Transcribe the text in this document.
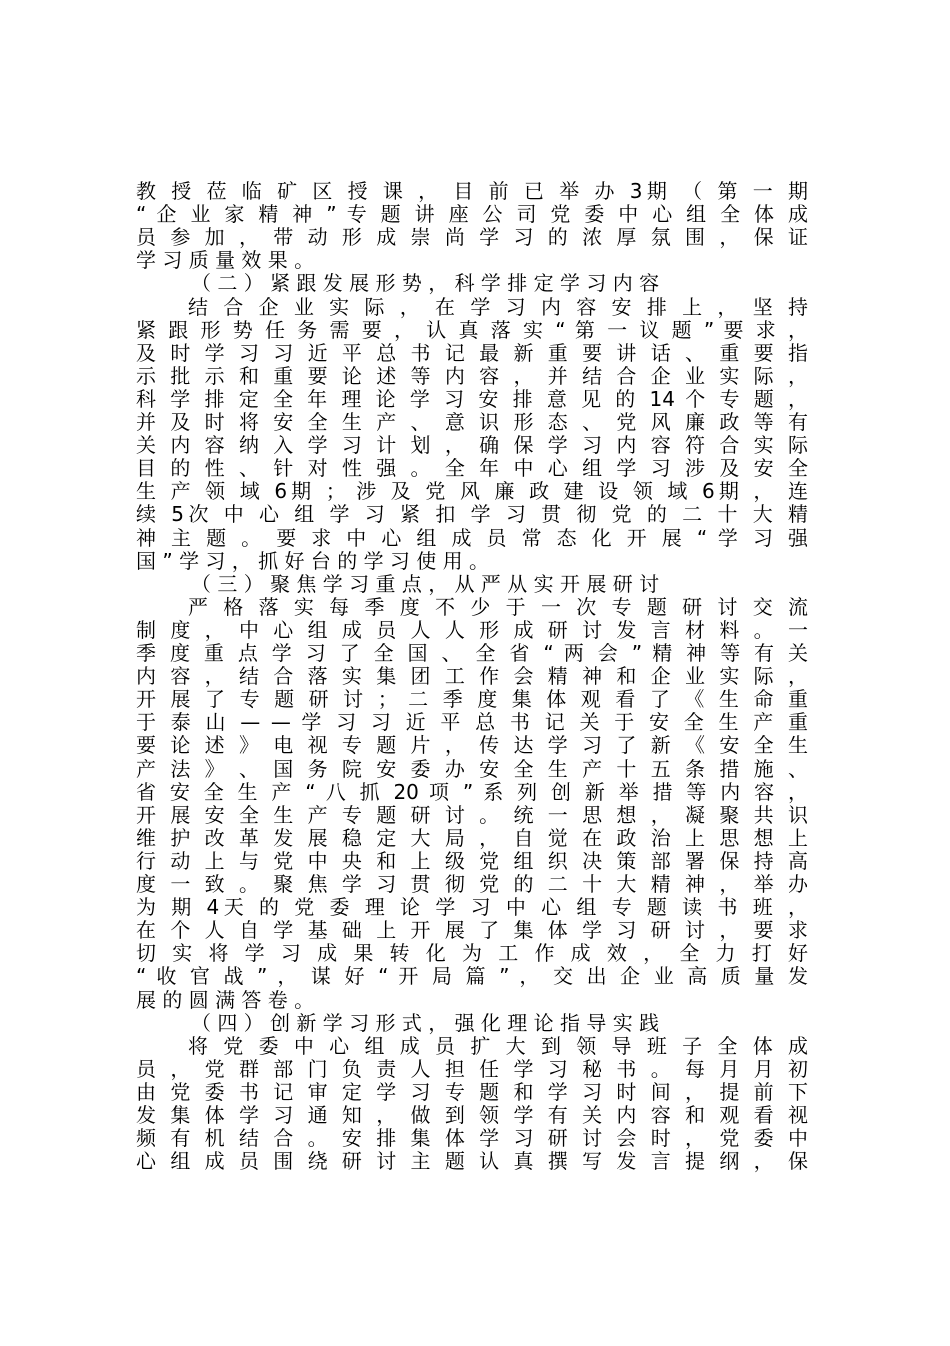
教 授 莅 临 矿 区 授 课 ， 目 前 已 举 办 3期 （ 第 一 期
“ 企 业 家 精 神 ” 专 题 讲 座 公 司 党 委 中 心 组 全 体 成
员 参 加 ， 带 动 形 成 崇 尚 学 习 的 浓 厚 氛 围 ， 保 证
学 习 质 量 效 果 。
（ 二 ） 紧 跟 发 展 形 势 ， 科 学 排 定 学 习 内 容
结 合 企 业 实 际 ， 在 学 习 内 容 安 排 上 ， 坚 持
紧 跟 形 势 任 务 需 要 ， 认 真 落 实 “ 第 一 议 题 ” 要 求 ，
及 时 学 习 习 近 平 总 书 记 最 新 重 要 讲 话 、 重 要 指
示 批 示 和 重 要 论 述 等 内 容 ， 并 结 合 企 业 实 际 ，
科 学 排 定 全 年 理 论 学 习 安 排 意 见 的 14 个 专 题 ，
并 及 时 将 安 全 生 产 、 意 识 形 态 、 党 风 廉 政 等 有
关 内 容 纳 入 学 习 计 划 ， 确 保 学 习 内 容 符 合 实 际
目 的 性 、 针 对 性 强 。 全 年 中 心 组 学 习 涉 及 安 全
生 产 领 域 6期 ； 涉 及 党 风 廉 政 建 设 领 域 6期 ， 连
续 5次 中 心 组 学 习 紧 扣 学 习 贯 彻 党 的 二 十 大 精
神 主 题 。 要 求 中 心 组 成 员 常 态 化 开 展 “ 学 习 强
国 ” 学 习 ， 抓 好 台 的 学 习 使 用 。
（ 三 ） 聚 焦 学 习 重 点 ， 从 严 从 实 开 展 研 讨
严 格 落 实 每 季 度 不 少 于 一 次 专 题 研 讨 交 流
制 度 ， 中 心 组 成 员 人 人 形 成 研 讨 发 言 材 料 。 一
季 度 重 点 学 习 了 全 国 、 全 省 “ 两 会 ” 精 神 等 有 关
内 容 ， 结 合 落 实 集 团 工 作 会 精 神 和 企 业 实 际 ，
开 展 了 专 题 研 讨 ； 二 季 度 集 体 观 看 了 《 生 命 重
于 泰 山 — — 学 习 习 近 平 总 书 记 关 于 安 全 生 产 重
要 论 述 》 电 视 专 题 片 ， 传 达 学 习 了 新 《 安 全 生
产 法 》 、 国 务 院 安 委 办 安 全 生 产 十 五 条 措 施 、
省 安 全 生 产 “ 八 抓 20 项 ” 系 列 创 新 举 措 等 内 容 ，
开 展 安 全 生 产 专 题 研 讨 。 统 一 思 想 ， 凝 聚 共 识
维 护 改 革 发 展 稳 定 大 局 ， 自 觉 在 政 治 上 思 想 上
行 动 上 与 党 中 央 和 上 级 党 组 织 决 策 部 署 保 持 高
度 一 致 。 聚 焦 学 习 贯 彻 党 的 二 十 大 精 神 ， 举 办
为 期 4天 的 党 委 理 论 学 习 中 心 组 专 题 读 书 班 ，
在 个 人 自 学 基 础 上 开 展 了 集 体 学 习 研 讨 ， 要 求
切 实 将 学 习 成 果 转 化 为 工 作 成 效 ， 全 力 打 好
“ 收 官 战 ” ， 谋 好 “ 开 局 篇 ” ， 交 出 企 业 高 质 量 发
展 的 圆 满 答 卷 。
（ 四 ） 创 新 学 习 形 式 ， 强 化 理 论 指 导 实 践
将 党 委 中 心 组 成 员 扩 大 到 领 导 班 子 全 体 成
员 ， 党 群 部 门 负 责 人 担 任 学 习 秘 书 。 每 月 月 初
由 党 委 书 记 审 定 学 习 专 题 和 学 习 时 间 ， 提 前 下
发 集 体 学 习 通 知 ， 做 到 领 学 有 关 内 容 和 观 看 视
频 有 机 结 合 。 安 排 集 体 学 习 研 讨 会 时 ， 党 委 中
心 组 成 员 围 绕 研 讨 主 题 认 真 撰 写 发 言 提 纲 ， 保
